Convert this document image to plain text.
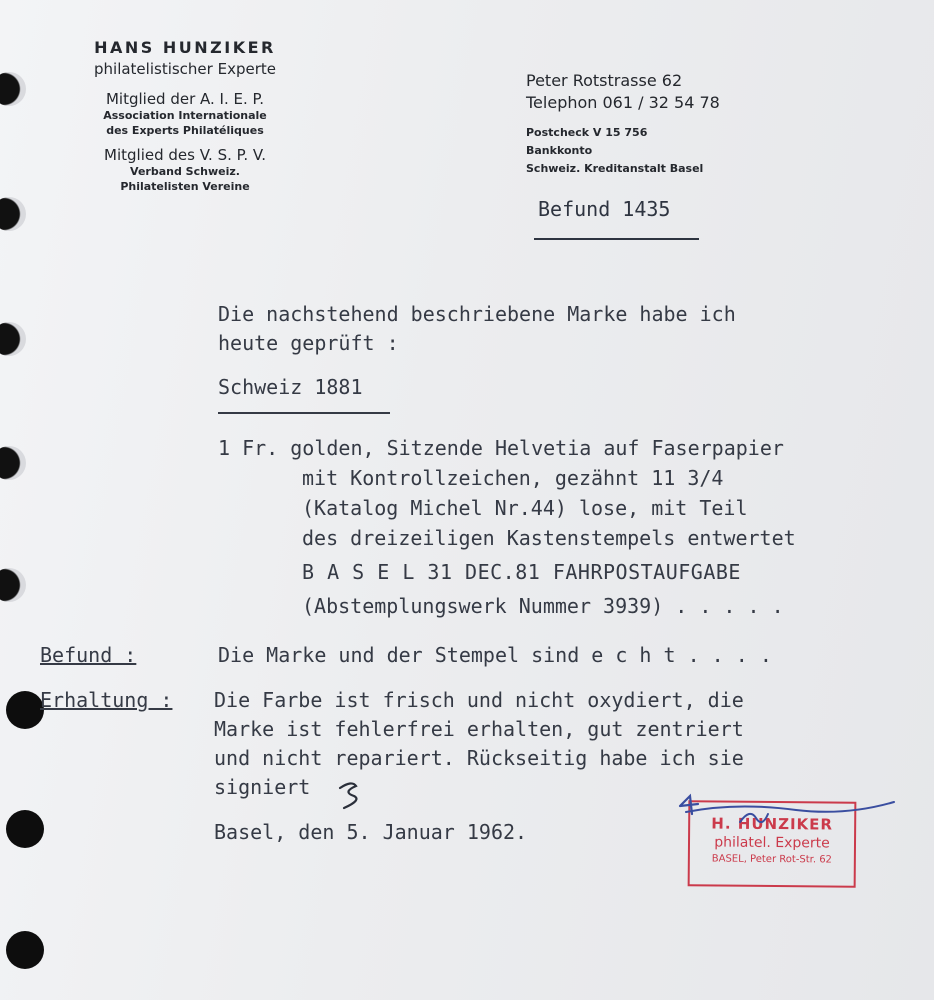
HANS HUNZIKER
philatelistischer Experte
Mitglied der A. I. E. P.
Association Internationale
des Experts Philatéliques
Mitglied des V. S. P. V.
Verband Schweiz.
Philatelisten Vereine
Peter Rotstrasse 62
Telephon 061 / 32 54 78
Postcheck V 15 756
Bankkonto
Schweiz. Kreditanstalt Basel
Befund 1435
Die nachstehend beschriebene Marke habe ich
heute geprüft :
Schweiz 1881
1 Fr. golden, Sitzende Helvetia auf Faserpapier
mit Kontrollzeichen, gezähnt 11 3/4
(Katalog Michel Nr.44) lose, mit Teil
des dreizeiligen Kastenstempels entwertet
B A S E L 31 DEC.81 FAHRPOSTAUFGABE
(Abstemplungswerk Nummer 3939) . . . . .
Befund :	Die Marke und der Stempel sind e c h t . . . .
Erhaltung : Die Farbe ist frisch und nicht oxydiert, die
Marke ist fehlerfrei erhalten, gut zentriert
und nicht repariert. Rückseitig habe ich sie
signiert
Basel, den 5. Januar 1962.	H. HUNZIKER
philatel. Experte
BASEL, Peter Rot-Str. 62
